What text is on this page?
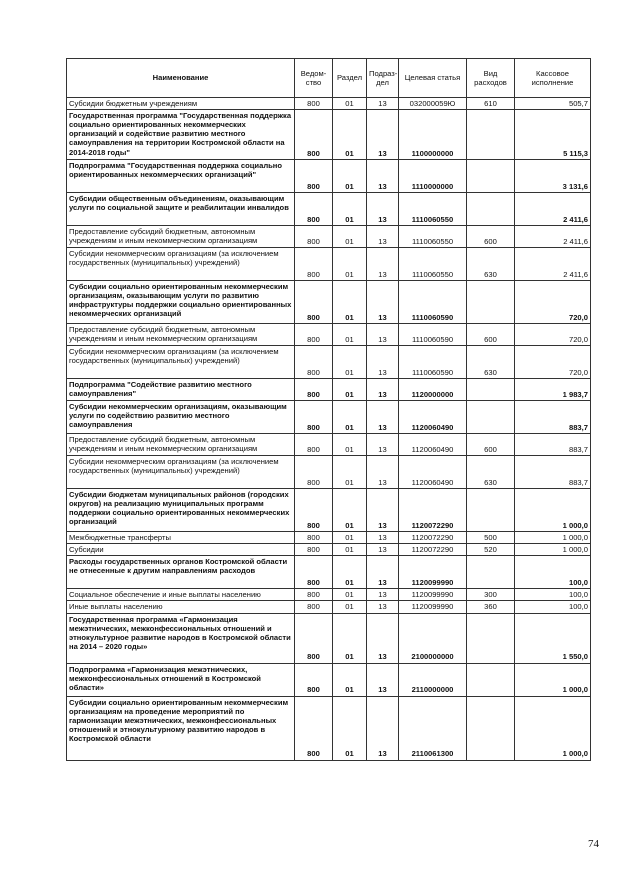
Наименование	Ведом-ство	Раздел	Подраз-дел	Целевая статья	Вид расходов	Кассовое исполнение
Субсидии бюджетным учреждениям	800	01	13	032000059Ю	610	505,7
Государственная программа "Государственная поддержка социально ориентированных некоммерческих организаций и содействие развитию местного самоуправления на территории Костромской области на 2014-2018 годы"	800	01	13	1100000000		5 115,3
Подпрограмма "Государственная поддержка социально ориентированных некоммерческих организаций"	800	01	13	1110000000		3 131,6
Субсидии общественным объединениям, оказывающим услуги по социальной защите и реабилитации инвалидов	800	01	13	1110060550		2 411,6
Предоставление субсидий бюджетным, автономным учреждениям и иным некоммерческим организациям	800	01	13	1110060550	600	2 411,6
Субсидии некоммерческим организациям (за исключением государственных (муниципальных) учреждений)	800	01	13	1110060550	630	2 411,6
Субсидии социально ориентированным некоммерческим организациям, оказывающим услуги по развитию инфраструктуры поддержки социально ориентированных некоммерческих организаций	800	01	13	1110060590		720,0
Предоставление субсидий бюджетным, автономным учреждениям и иным некоммерческим организациям	800	01	13	1110060590	600	720,0
Субсидии некоммерческим организациям (за исключением государственных (муниципальных) учреждений)	800	01	13	1110060590	630	720,0
Подпрограмма "Содействие развитию местного самоуправления"	800	01	13	1120000000		1 983,7
Субсидии некоммерческим организациям, оказывающим услуги по содействию развитию местного самоуправления	800	01	13	1120060490		883,7
Предоставление субсидий бюджетным, автономным учреждениям и иным некоммерческим организациям	800	01	13	1120060490	600	883,7
Субсидии некоммерческим организациям (за исключением государственных (муниципальных) учреждений)	800	01	13	1120060490	630	883,7
Субсидии бюджетам муниципальных районов (городских округов) на реализацию муниципальных программ поддержки социально ориентированных некоммерческих организаций	800	01	13	1120072290		1 000,0
Межбюджетные трансферты	800	01	13	1120072290	500	1 000,0
Субсидии	800	01	13	1120072290	520	1 000,0
Расходы государственных органов Костромской области не отнесенные к другим направлениям расходов	800	01	13	1120099990		100,0
Социальное обеспечение и иные выплаты населению	800	01	13	1120099990	300	100,0
Иные выплаты населению	800	01	13	1120099990	360	100,0
Государственная программа «Гармонизация межэтнических, межконфессиональных отношений и этнокультурное развитие народов в Костромской области на 2014 – 2020 годы»	800	01	13	2100000000		1 550,0
Подпрограмма «Гармонизация межэтнических, межконфессиональных отношений в Костромской области»	800	01	13	2110000000		1 000,0
Субсидии социально ориентированным некоммерческим организациям на проведение мероприятий по гармонизации межэтнических, межконфессиональных отношений и этнокультурному развитию народов в Костромской области	800	01	13	2110061300		1 000,0
74
